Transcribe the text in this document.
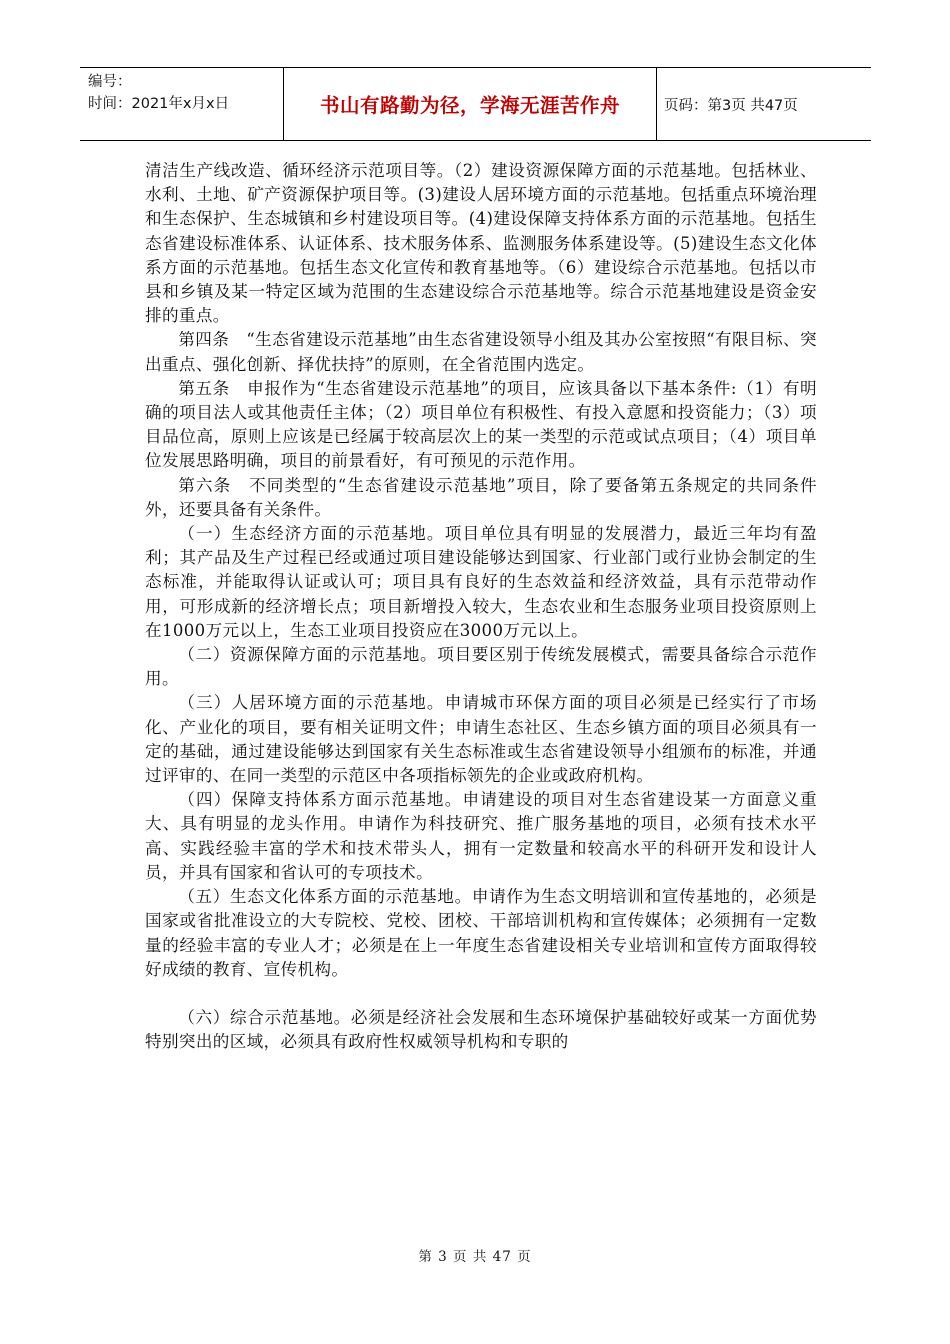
编号：
时间：2021年x月x日	书山有路勤为径，学海无涯苦作舟	页码：第3页 共47页

清洁生产线改造、循环经济示范项目等。（2）建设资源保障方面的示范基地。包括林业、水利、土地、矿产资源保护项目等。(3)建设人居环境方面的示范基地。包括重点环境治理和生态保护、生态城镇和乡村建设项目等。(4)建设保障支持体系方面的示范基地。包括生态省建设标准体系、认证体系、技术服务体系、监测服务体系建设等。(5)建设生态文化体系方面的示范基地。包括生态文化宣传和教育基地等。（6）建设综合示范基地。包括以市县和乡镇及某一特定区域为范围的生态建设综合示范基地等。综合示范基地建设是资金安排的重点。

第四条　“生态省建设示范基地”由生态省建设领导小组及其办公室按照“有限目标、突出重点、强化创新、择优扶持”的原则，在全省范围内选定。

第五条　申报作为“生态省建设示范基地”的项目，应该具备以下基本条件:（1）有明确的项目法人或其他责任主体；（2）项目单位有积极性、有投入意愿和投资能力；（3）项目品位高，原则上应该是已经属于较高层次上的某一类型的示范或试点项目；（4）项目单位发展思路明确，项目的前景看好，有可预见的示范作用。

第六条　不同类型的“生态省建设示范基地”项目，除了要备第五条规定的共同条件外，还要具备有关条件。

（一）生态经济方面的示范基地。项目单位具有明显的发展潜力，最近三年均有盈利；其产品及生产过程已经或通过项目建设能够达到国家、行业部门或行业协会制定的生态标准，并能取得认证或认可；项目具有良好的生态效益和经济效益，具有示范带动作用，可形成新的经济增长点；项目新增投入较大，生态农业和生态服务业项目投资原则上在1000万元以上，生态工业项目投资应在3000万元以上。

（二）资源保障方面的示范基地。项目要区别于传统发展模式，需要具备综合示范作用。

（三）人居环境方面的示范基地。申请城市环保方面的项目必须是已经实行了市场化、产业化的项目，要有相关证明文件；申请生态社区、生态乡镇方面的项目必须具有一定的基础，通过建设能够达到国家有关生态标准或生态省建设领导小组颁布的标准，并通过评审的、在同一类型的示范区中各项指标领先的企业或政府机构。

（四）保障支持体系方面示范基地。申请建设的项目对生态省建设某一方面意义重大、具有明显的龙头作用。申请作为科技研究、推广服务基地的项目，必须有技术水平高、实践经验丰富的学术和技术带头人，拥有一定数量和较高水平的科研开发和设计人员，并具有国家和省认可的专项技术。

（五）生态文化体系方面的示范基地。申请作为生态文明培训和宣传基地的，必须是国家或省批准设立的大专院校、党校、团校、干部培训机构和宣传媒体；必须拥有一定数量的经验丰富的专业人才；必须是在上一年度生态省建设相关专业培训和宣传方面取得较好成绩的教育、宣传机构。

（六）综合示范基地。必须是经济社会发展和生态环境保护基础较好或某一方面优势特别突出的区域，必须具有政府性权威领导机构和专职的

第 3 页 共 47 页
